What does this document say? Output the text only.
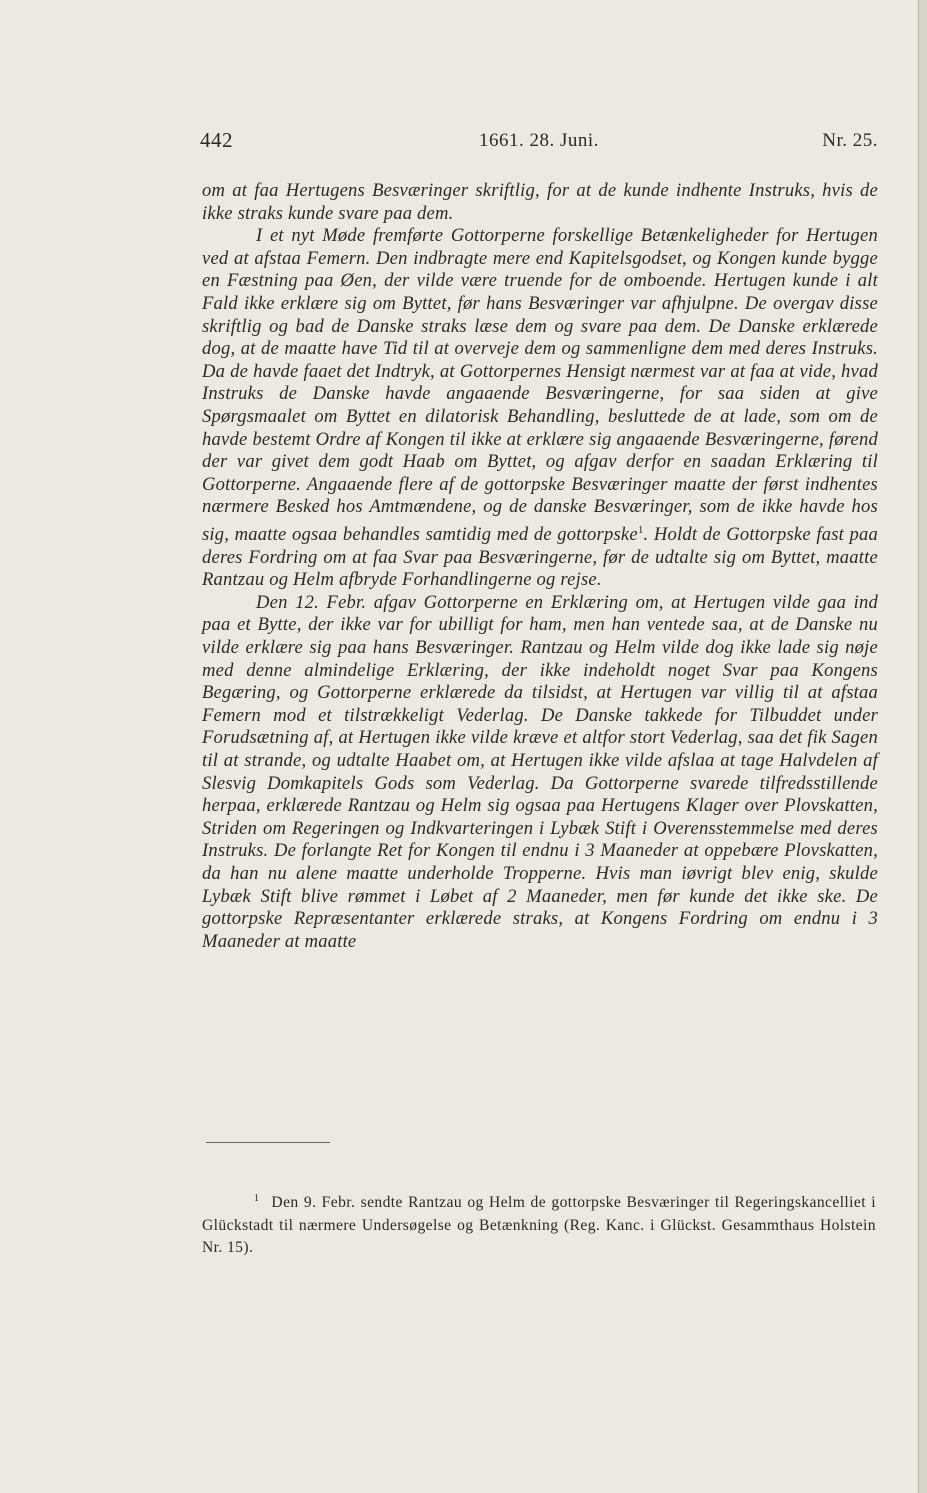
442	1661. 28. Juni.	Nr. 25.

om at faa Hertugens Besværinger skriftlig, for at de kunde indhente Instruks, hvis de ikke straks kunde svare paa dem.

I et nyt Møde fremførte Gottorperne forskellige Betænkeligheder for Hertugen ved at afstaa Femern. Den indbragte mere end Kapitelsgodset, og Kongen kunde bygge en Fæstning paa Øen, der vilde være truende for de omboende. Hertugen kunde i alt Fald ikke erklære sig om Byttet, før hans Besværinger var afhjulpne. De overgav disse skriftlig og bad de Danske straks læse dem og svare paa dem. De Danske erklærede dog, at de maatte have Tid til at overveje dem og sammenligne dem med deres Instruks. Da de havde faaet det Indtryk, at Gottorpernes Hensigt nærmest var at faa at vide, hvad Instruks de Danske havde angaaende Besværingerne, for saa siden at give Spørgsmaalet om Byttet en dilatorisk Behandling, besluttede de at lade, som om de havde bestemt Ordre af Kongen til ikke at erklære sig angaaende Besværingerne, førend der var givet dem godt Haab om Byttet, og afgav derfor en saadan Erklæring til Gottorperne. Angaaende flere af de gottorpske Besværinger maatte der først indhentes nærmere Besked hos Amtmændene, og de danske Besværinger, som de ikke havde hos sig, maatte ogsaa behandles samtidig med de gottorpske$^1$. Holdt de Gottorpske fast paa deres Fordring om at faa Svar paa Besværingerne, før de udtalte sig om Byttet, maatte Rantzau og Helm afbryde Forhandlingerne og rejse.

Den 12. Febr. afgav Gottorperne en Erklæring om, at Hertugen vilde gaa ind paa et Bytte, der ikke var for ubilligt for ham, men han ventede saa, at de Danske nu vilde erklære sig paa hans Besværinger. Rantzau og Helm vilde dog ikke lade sig nøje med denne almindelige Erklæring, der ikke indeholdt noget Svar paa Kongens Begæring, og Gottorperne erklærede da tilsidst, at Hertugen var villig til at afstaa Femern mod et tilstrækkeligt Vederlag. De Danske takkede for Tilbuddet under Forudsætning af, at Hertugen ikke vilde kræve et altfor stort Vederlag, saa det fik Sagen til at strande, og udtalte Haabet om, at Hertugen ikke vilde afslaa at tage Halvdelen af Slesvig Domkapitels Gods som Vederlag. Da Gottorperne svarede tilfredsstillende herpaa, erklærede Rantzau og Helm sig ogsaa paa Hertugens Klager over Plovskatten, Striden om Regeringen og Indkvarteringen i Lybæk Stift i Overensstemmelse med deres Instruks. De forlangte Ret for Kongen til endnu i 3 Maaneder at oppebære Plovskatten, da han nu alene maatte underholde Tropperne. Hvis man iøvrigt blev enig, skulde Lybæk Stift blive rømmet i Løbet af 2 Maaneder, men før kunde det ikke ske. De gottorpske Repræsentanter erklærede straks, at Kongens Fordring om endnu i 3 Maaneder at maatte

$^1$ Den 9. Febr. sendte Rantzau og Helm de gottorpske Besværinger til Regeringskancelliet i Glückstadt til nærmere Undersøgelse og Betænkning (Reg. Kanc. i Glückst. Gesammthaus Holstein Nr. 15).
